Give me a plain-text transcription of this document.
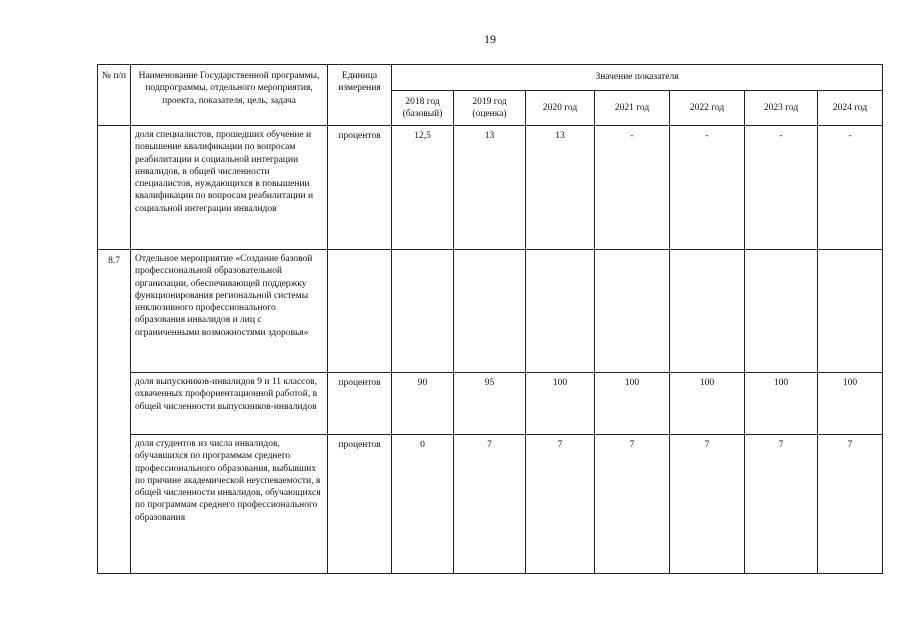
19
№ п/п	Наименование Государственной программы, подпрограммы, отдельного мероприятия, проекта, показателя, цель, задача	Единица измерения	Значение показателя						
			2018 год (базовый)	2019 год (оценка)	2020 год	2021 год	2022 год	2023 год	2024 год
	доля специалистов, прошедших обучение и повышение квалификации по вопросам реабилитации и социальной интеграции инвалидов, в общей численности специалистов, нуждающихся в повышении квалификации по вопросам реабилитации и социальной интеграции инвалидов	процентов	12,5	13	13	-	-	-	-
8.7	Отдельное мероприятие «Создание базовой профессиональной образовательной организации, обеспечивающей поддержку функционирования региональной системы инклюзивного профессионального образования инвалидов и лиц с ограниченными возможностями здоровья»								
	доля выпускников-инвалидов 9 и 11 классов, охваченных профориентационной работой, в общей численности выпускников-инвалидов	процентов	90	95	100	100	100	100	100
	доля студентов из числа инвалидов, обучавшихся по программам среднего профессионального образования, выбывших по причине академической неуспеваемости, в общей численности инвалидов, обучающихся по программам среднего профессионального образования	процентов	0	7	7	7	7	7	7
